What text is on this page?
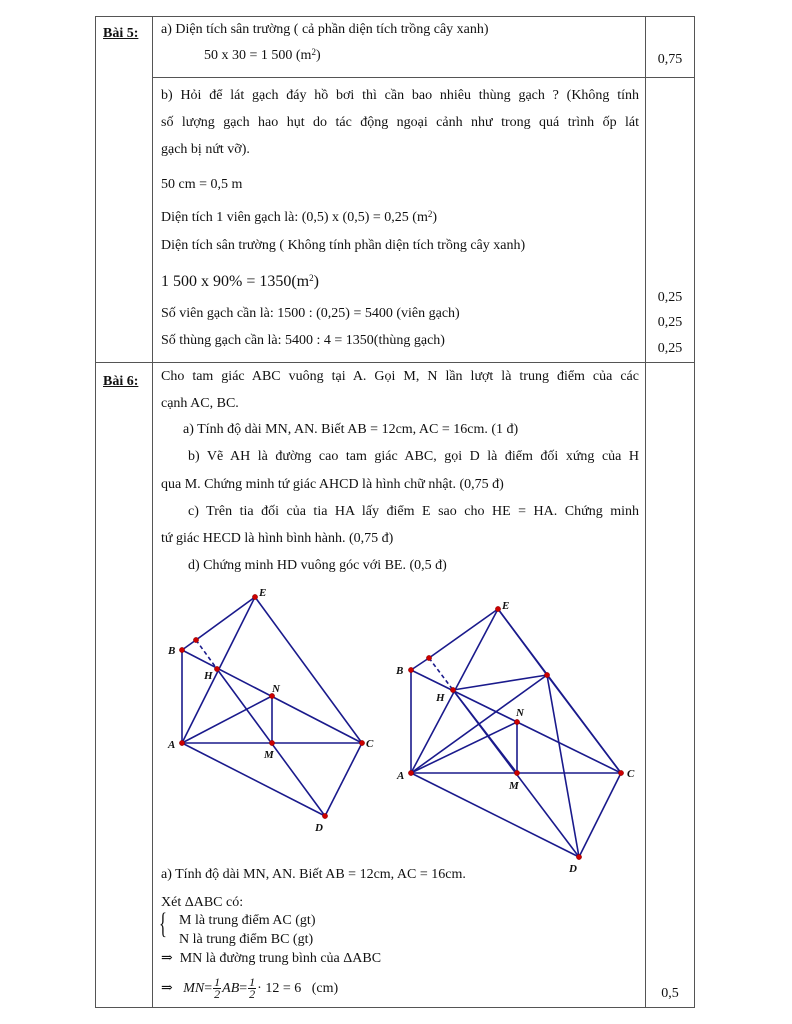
Bài 5: a) Diện tích sân trường ( cả phần diện tích trồng cây xanh)
50 x 30 = 1 500 $(m^2)$	0,75
b) Hỏi để lát gạch đáy hồ bơi thì cần bao nhiêu thùng gạch ? (Không tính
số lượng gạch hao hụt do tác động ngoại cảnh như trong quá trình ốp lát
gạch bị nứt vỡ).
50 cm = 0,5 m
Diện tích 1 viên gạch là: (0,5) x (0,5) = 0,25 $(m^2)$
Diện tích sân trường ( Không tính phần diện tích trồng cây xanh)
1 500 x $90\% = 1350(m^2)$
Số viên gạch cần là: 1500 : (0,25) = 5400 (viên gạch)
Số thùng gạch cần là: 5400 : 4 = 1350(thùng gạch)
0,25
0,25
0,25
Bài 6: Cho tam giác ABC vuông tại A. Gọi M, N lần lượt là trung điểm của các
cạnh AC, BC.
a) Tính độ dài MN, AN. Biết AB = 12cm, AC = 16cm. (1 đ)
b) Vẽ AH là đường cao tam giác ABC, gọi D là điểm đối xứng của H
qua M. Chứng minh tứ giác AHCD là hình chữ nhật. (0,75 đ)
c) Trên tia đối của tia HA lấy điểm E sao cho HE = HA. Chứng minh
tứ giác HECD là hình bình hành. (0,75 đ)
d) Chứng minh HD vuông góc với BE. (0,5 đ)
A
B
C
D
E
H
M
N
A
B
C
D
E
H
M
N
a) Tính độ dài MN, AN. Biết AB = 12cm, AC = 16cm.
Xét ΔABC có:
{ M là trung điểm AC (gt)
N là trung điểm BC (gt)
⇒ MN là đường trung bình của ΔABC
⇒ $MN= \frac{1}{2} AB= \frac{1}{2} \cdot 12 = 6$ (cm)	0,5
